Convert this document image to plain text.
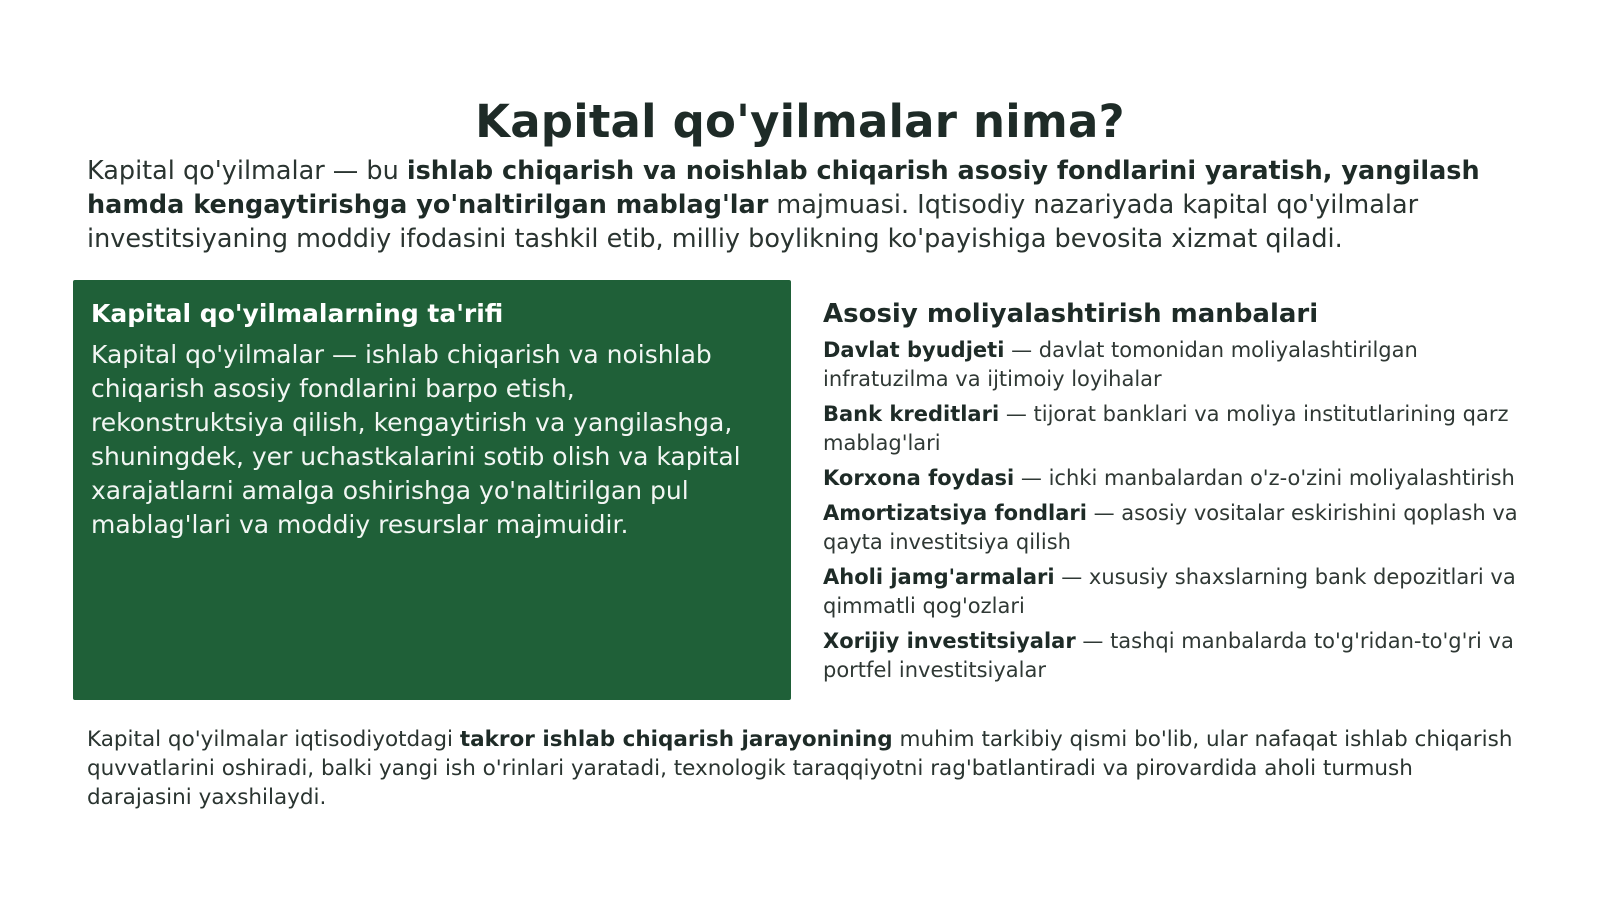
Kapital qo'yilmalar nima?

Kapital qo'yilmalar — bu ishlab chiqarish va noishlab chiqarish asosiy fondlarini yaratish, yangilash hamda kengaytirishga yo'naltirilgan mablag'lar majmuasi. Iqtisodiy nazariyada kapital qo'yilmalar investitsiyaning moddiy ifodasini tashkil etib, milliy boylikning ko'payishiga bevosita xizmat qiladi.

Kapital qo'yilmalarning ta'rifi

Kapital qo'yilmalar — ishlab chiqarish va noishlab chiqarish asosiy fondlarini barpo etish, rekonstruktsiya qilish, kengaytirish va yangilashga, shuningdek, yer uchastkalarini sotib olish va kapital xarajatlarni amalga oshirishga yo'naltirilgan pul mablag'lari va moddiy resurslar majmuidir.

Asosiy moliyalashtirish manbalari
Davlat byudjeti — davlat tomonidan moliyalashtirilgan infratuzilma va ijtimoiy loyihalar
Bank kreditlari — tijorat banklari va moliya institutlarining qarz mablag'lari
Korxona foydasi — ichki manbalardan o'z-o'zini moliyalashtirish
Amortizatsiya fondlari — asosiy vositalar eskirishini qoplash va qayta investitsiya qilish
Aholi jamg'armalari — xususiy shaxslarning bank depozitlari va qimmatli qog'ozlari
Xorijiy investitsiyalar — tashqi manbalarda to'g'ridan-to'g'ri va portfel investitsiyalar

Kapital qo'yilmalar iqtisodiyotdagi takror ishlab chiqarish jarayonining muhim tarkibiy qismi bo'lib, ular nafaqat ishlab chiqarish quvvatlarini oshiradi, balki yangi ish o'rinlari yaratadi, texnologik taraqqiyotni rag'batlantiradi va pirovardida aholi turmush darajasini yaxshilaydi.
